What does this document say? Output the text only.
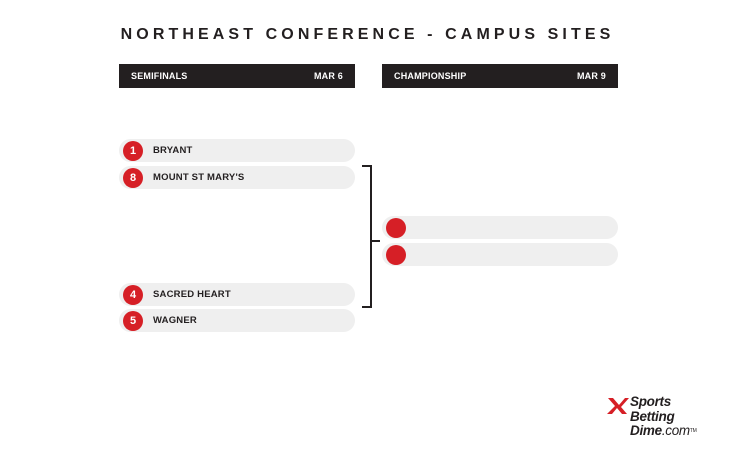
NORTHEAST CONFERENCE - CAMPUS SITES
SEMIFINALS	MAR 6	CHAMPIONSHIP	MAR 9
1	BRYANT
8	MOUNT ST MARY'S
4	SACRED HEART
5	WAGNER
Sports
Betting
Dime.com™
